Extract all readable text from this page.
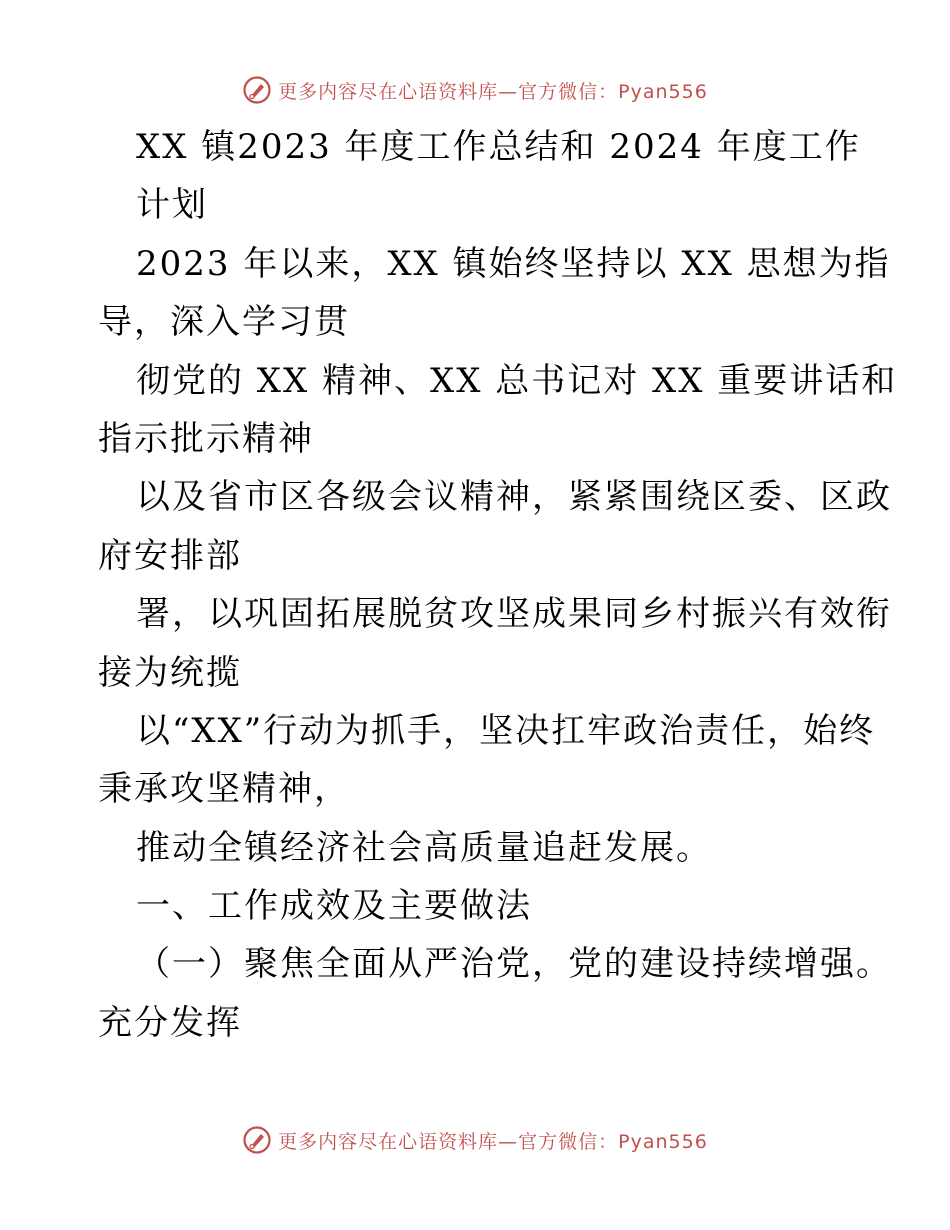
更多内容尽在心语资料库—官方微信：Pyan556
XX 镇2023 年度工作总结和 2024 年度工作
计划
2023 年以来，XX 镇始终坚持以 XX 思想为指
导，深入学习贯
彻党的 XX 精神、XX 总书记对 XX 重要讲话和
指示批示精神
以及省市区各级会议精神，紧紧围绕区委、区政
府安排部
署，以巩固拓展脱贫攻坚成果同乡村振兴有效衔
接为统揽
以“XX”行动为抓手，坚决扛牢政治责任，始终
秉承攻坚精神，
推动全镇经济社会高质量追赶发展。
一、工作成效及主要做法
（一）聚焦全面从严治党，党的建设持续增强。
充分发挥
更多内容尽在心语资料库—官方微信：Pyan556
